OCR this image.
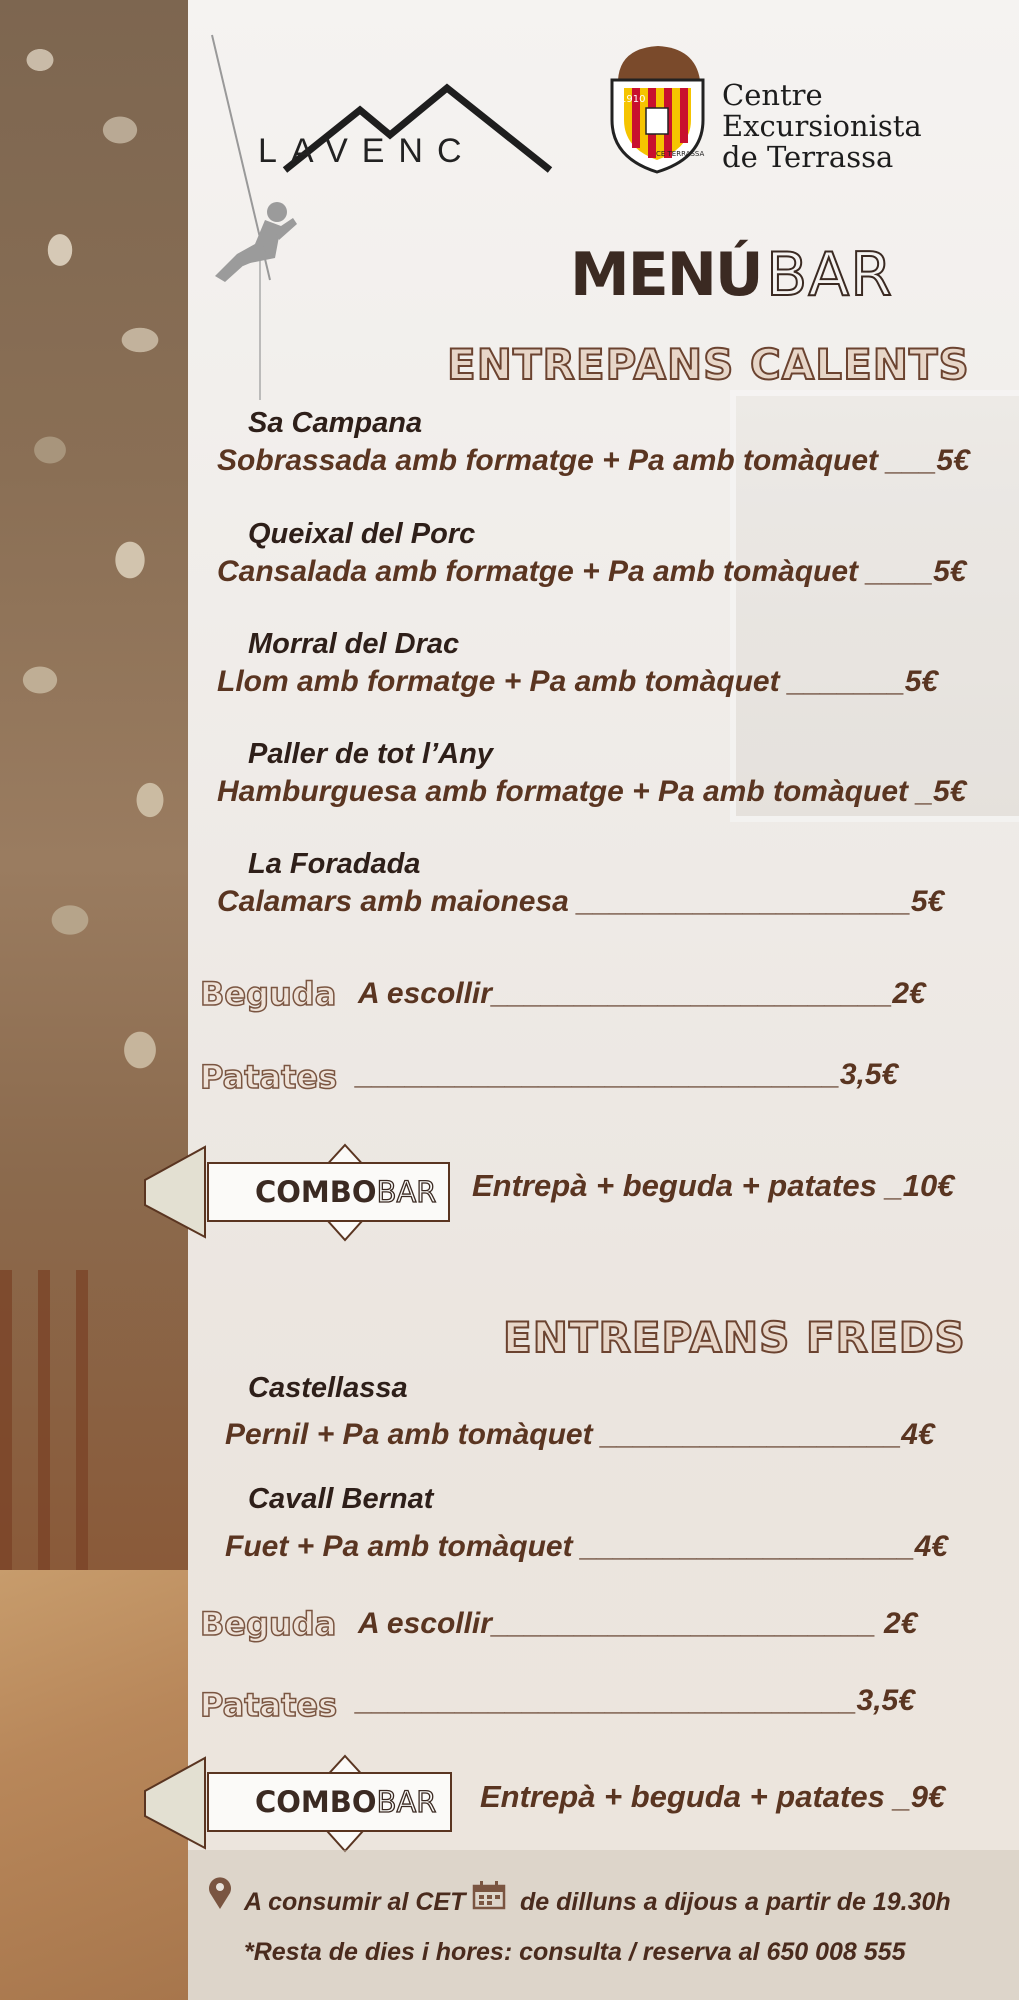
LAVENC
1910
CE TERRASSA
Centre
Excursionista
de Terrassa
MENÚ BAR
ENTREPANS CALENTS
Sa Campana
Sobrassada amb formatge + Pa amb tomàquet ___5€
Queixal del Porc
Cansalada amb formatge + Pa amb tomàquet ____5€
Morral del Drac
Llom amb formatge + Pa amb tomàquet _______5€
Paller de tot l’Any
Hamburguesa amb formatge + Pa amb tomàquet _5€
La Foradada
Calamars amb maionesa ____________________5€
Beguda A escollir________________________2€
Patates _____________________________3,5€
COMBO BAR Entrepà + beguda + patates _10€
ENTREPANS FREDS
Castellassa
Pernil + Pa amb tomàquet __________________4€
Cavall Bernat
Fuet + Pa amb tomàquet ____________________4€
Beguda A escollir_______________________ 2€
Patates ______________________________3,5€
COMBO BAR Entrepà + beguda + patates _9€
A consumir al CET de dilluns a dijous a partir de 19.30h
*Resta de dies i hores: consulta / reserva al 650 008 555
